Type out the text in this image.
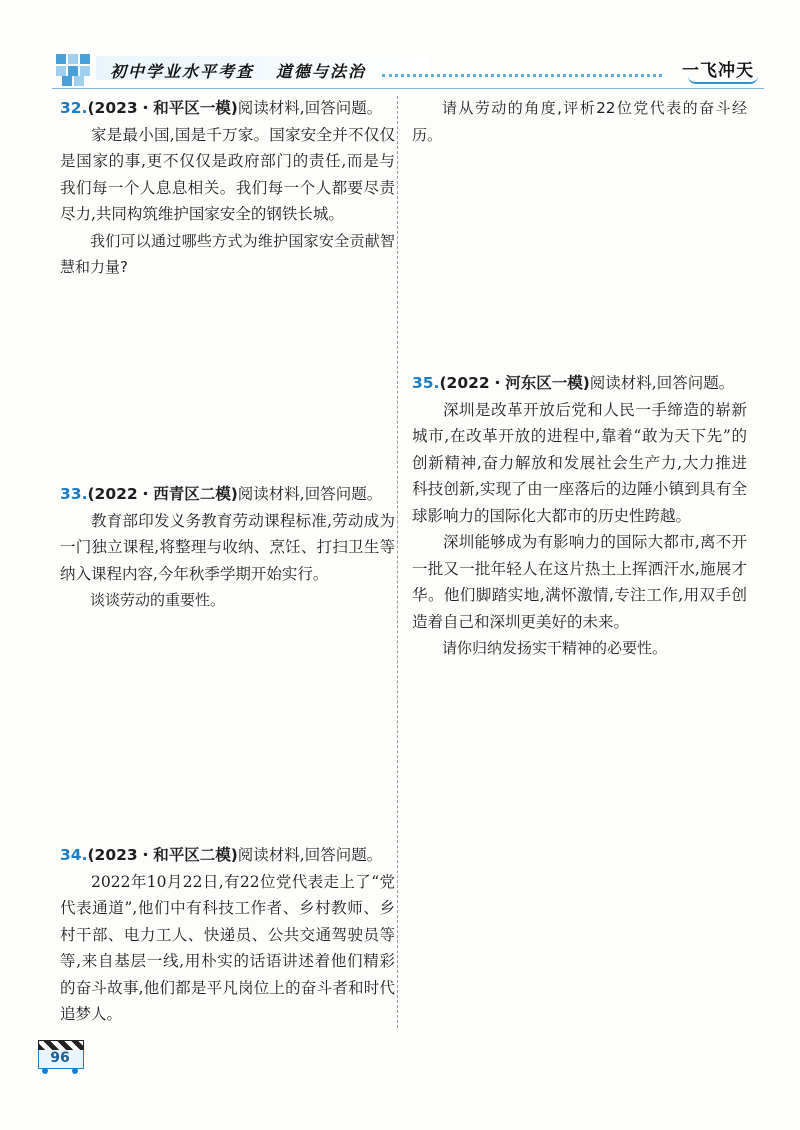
初中学业水平考查 道德与法治	一飞冲天

32.(2023・和平区一模)阅读材料,回答问题。

家是最小国,国是千万家。国家安全并不仅仅是国家的事,更不仅仅是政府部门的责任,而是与我们每一个人息息相关。我们每一个人都要尽责尽力,共同构筑维护国家安全的钢铁长城。

我们可以通过哪些方式为维护国家安全贡献智慧和力量?

33.(2022・西青区二模)阅读材料,回答问题。

教育部印发义务教育劳动课程标准,劳动成为一门独立课程,将整理与收纳、烹饪、打扫卫生等纳入课程内容,今年秋季学期开始实行。

谈谈劳动的重要性。

34.(2023・和平区二模)阅读材料,回答问题。

2022年10月22日,有22位党代表走上了“党代表通道”,他们中有科技工作者、乡村教师、乡村干部、电力工人、快递员、公共交通驾驶员等等,来自基层一线,用朴实的话语讲述着他们精彩的奋斗故事,他们都是平凡岗位上的奋斗者和时代追梦人。

请从劳动的角度,评析22位党代表的奋斗经历。

35.(2022・河东区一模)阅读材料,回答问题。

深圳是改革开放后党和人民一手缔造的崭新城市,在改革开放的进程中,靠着“敢为天下先”的创新精神,奋力解放和发展社会生产力,大力推进科技创新,实现了由一座落后的边陲小镇到具有全球影响力的国际化大都市的历史性跨越。

深圳能够成为有影响力的国际大都市,离不开一批又一批年轻人在这片热土上挥洒汗水,施展才华。他们脚踏实地,满怀激情,专注工作,用双手创造着自己和深圳更美好的未来。

请你归纳发扬实干精神的必要性。

96
